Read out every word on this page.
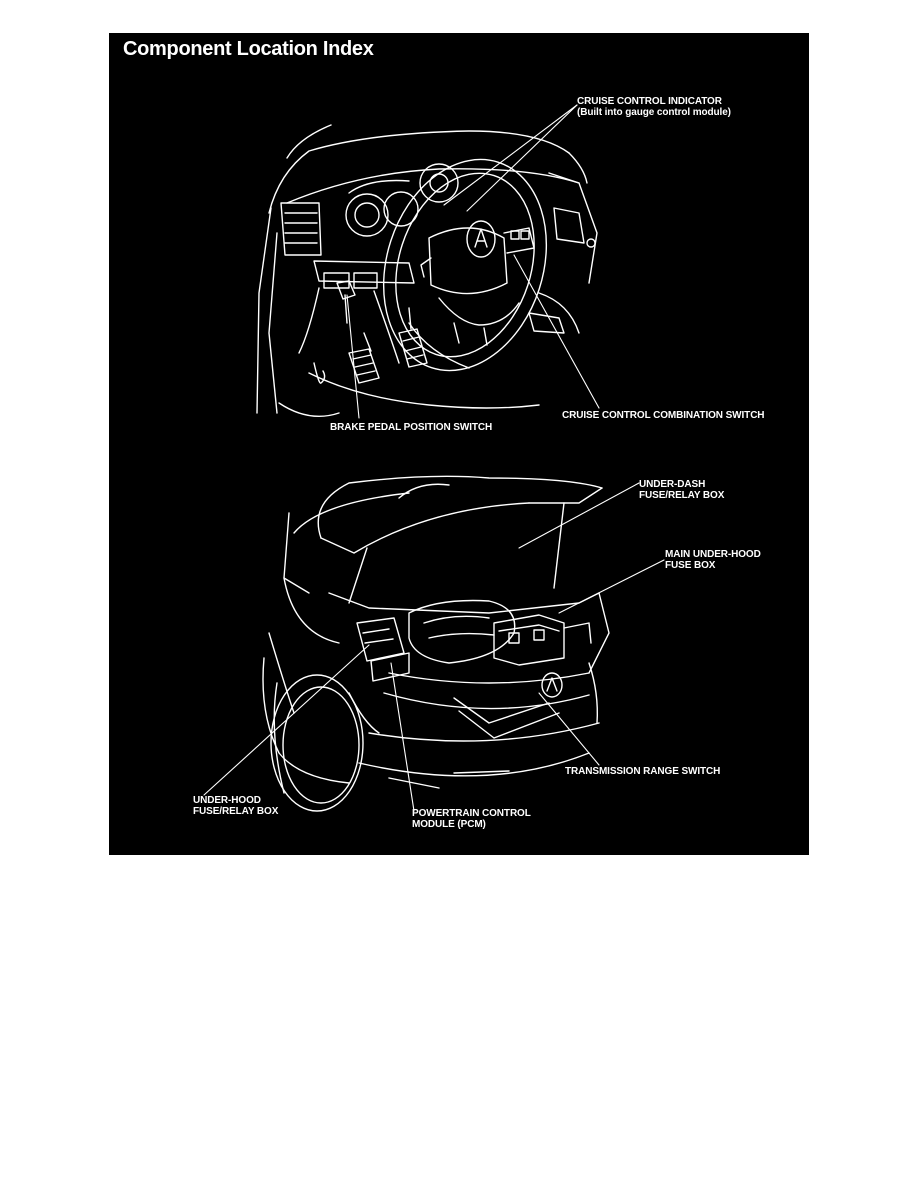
Component Location Index
CRUISE CONTROL INDICATOR
(Built into gauge control module)
BRAKE PEDAL POSITION SWITCH
CRUISE CONTROL COMBINATION SWITCH
UNDER-DASH
FUSE/RELAY BOX
MAIN UNDER-HOOD
FUSE BOX
TRANSMISSION RANGE SWITCH
UNDER-HOOD
FUSE/RELAY BOX	POWERTRAIN CONTROL
MODULE (PCM)
